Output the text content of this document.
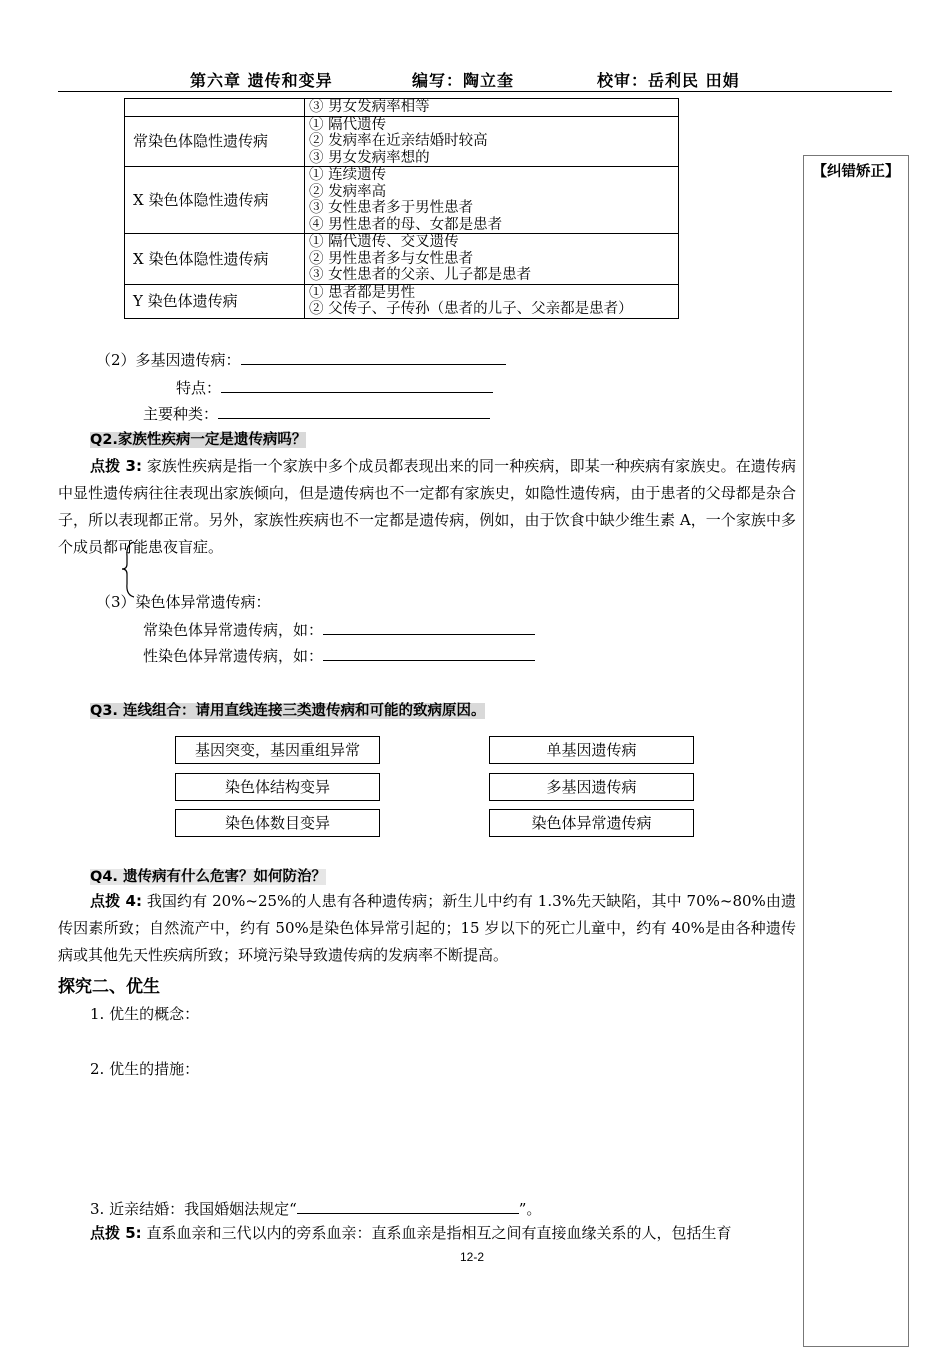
第六章 遗传和变异	编写：陶立奎	校审：岳利民 田娟

	③ 男女发病率相等

常染色体隐性遗传病	① 隔代遗传
② 发病率在近亲结婚时较高
③ 男女发病率想的

X 染色体隐性遗传病	① 连续遗传
② 发病率高
③ 女性患者多于男性患者
④ 男性患者的母、女都是患者

X 染色体隐性遗传病	① 隔代遗传、交叉遗传
② 男性患者多与女性患者
③ 女性患者的父亲、儿子都是患者

Y 染色体遗传病	① 患者都是男性
② 父传子、子传孙（患者的儿子、父亲都是患者）
【纠错矫正】
（2）多基因遗传病：
特点：
主要种类：
Q2.家族性疾病一定是遗传病吗？
点拨 3: 家族性疾病是指一个家族中多个成员都表现出来的同一种疾病，即某一种疾病有家族史。在遗传病中显性遗传病往往表现出家族倾向，但是遗传病也不一定都有家族史，如隐性遗传病，由于患者的父母都是杂合子，所以表现都正常。另外，家族性疾病也不一定都是遗传病，例如，由于饮食中缺少维生素 A，一个家族中多个成员都可能患夜盲症。
（3）染色体异常遗传病：
常染色体异常遗传病，如：
性染色体异常遗传病，如：
Q3. 连线组合：请用直线连接三类遗传病和可能的致病原因。
基因突变，基因重组异常
染色体结构变异
染色体数目变异
单基因遗传病
多基因遗传病
染色体异常遗传病
Q4. 遗传病有什么危害？如何防治？
点拨 4: 我国约有 20%~25%的人患有各种遗传病；新生儿中约有 1.3%先天缺陷，其中 70%~80%由遗传因素所致；自然流产中，约有 50%是染色体异常引起的；15 岁以下的死亡儿童中，约有 40%是由各种遗传病或其他先天性疾病所致；环境污染导致遗传病的发病率不断提高。
探究二、优生
1. 优生的概念：
2. 优生的措施：
3. 近亲结婚：我国婚姻法规定“	”。
点拨 5: 直系血亲和三代以内的旁系血亲：直系血亲是指相互之间有直接血缘关系的人，包括生育
12-2
